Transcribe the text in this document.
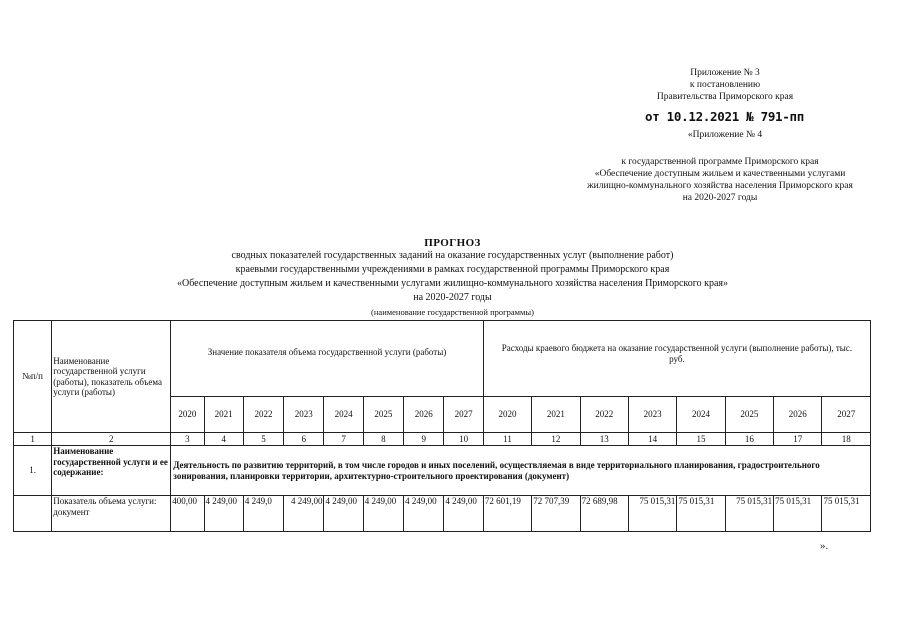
Приложение № 3
к постановлению
Правительства Приморского края
от 10.12.2021 № 791-пп
«Приложение № 4
к государственной программе Приморского края
«Обеспечение доступным жильем и качественными услугами
жилищно-коммунального хозяйства населения Приморского края
на 2020-2027 годы
ПРОГНОЗ
сводных показателей государственных заданий на оказание государственных услуг (выполнение работ)
краевыми государственными учреждениями в рамках государственной программы Приморского края
«Обеспечение доступным жильем и качественными услугами жилищно-коммунального хозяйства населения Приморского края»
на 2020-2027 годы
(наименование государственной программы)
№п/п	Наименование государственной услуги (работы), показатель объема услуги (работы)	Значение показателя объема государственной услуги (работы)								Расходы краевого бюджета на оказание государственной услуги (выполнение работы), тыс. руб.							
		2020	2021	2022	2023	2024	2025	2026	2027	2020	2021	2022	2023	2024	2025	2026	2027
1	2	3	4	5	6	7	8	9	10	11	12	13	14	15	16	17	18
1.	Наименование государственной услуги и ее содержание:	Деятельность по развитию территорий, в том числе городов и иных поселений, осуществляемая в виде территориального планирования, градостроительного зонирования, планировки территории, архитектурно-строительного проектирования (документ)															
	Показатель объема услуги: документ	400,00	4 249,00	4 249,0	4 249,00	4 249,00	4 249,00	4 249,00	4 249,00	72 601,19	72 707,39	72 689,98	75 015,31	75 015,31	75 015,31	75 015,31	75 015,31
».
